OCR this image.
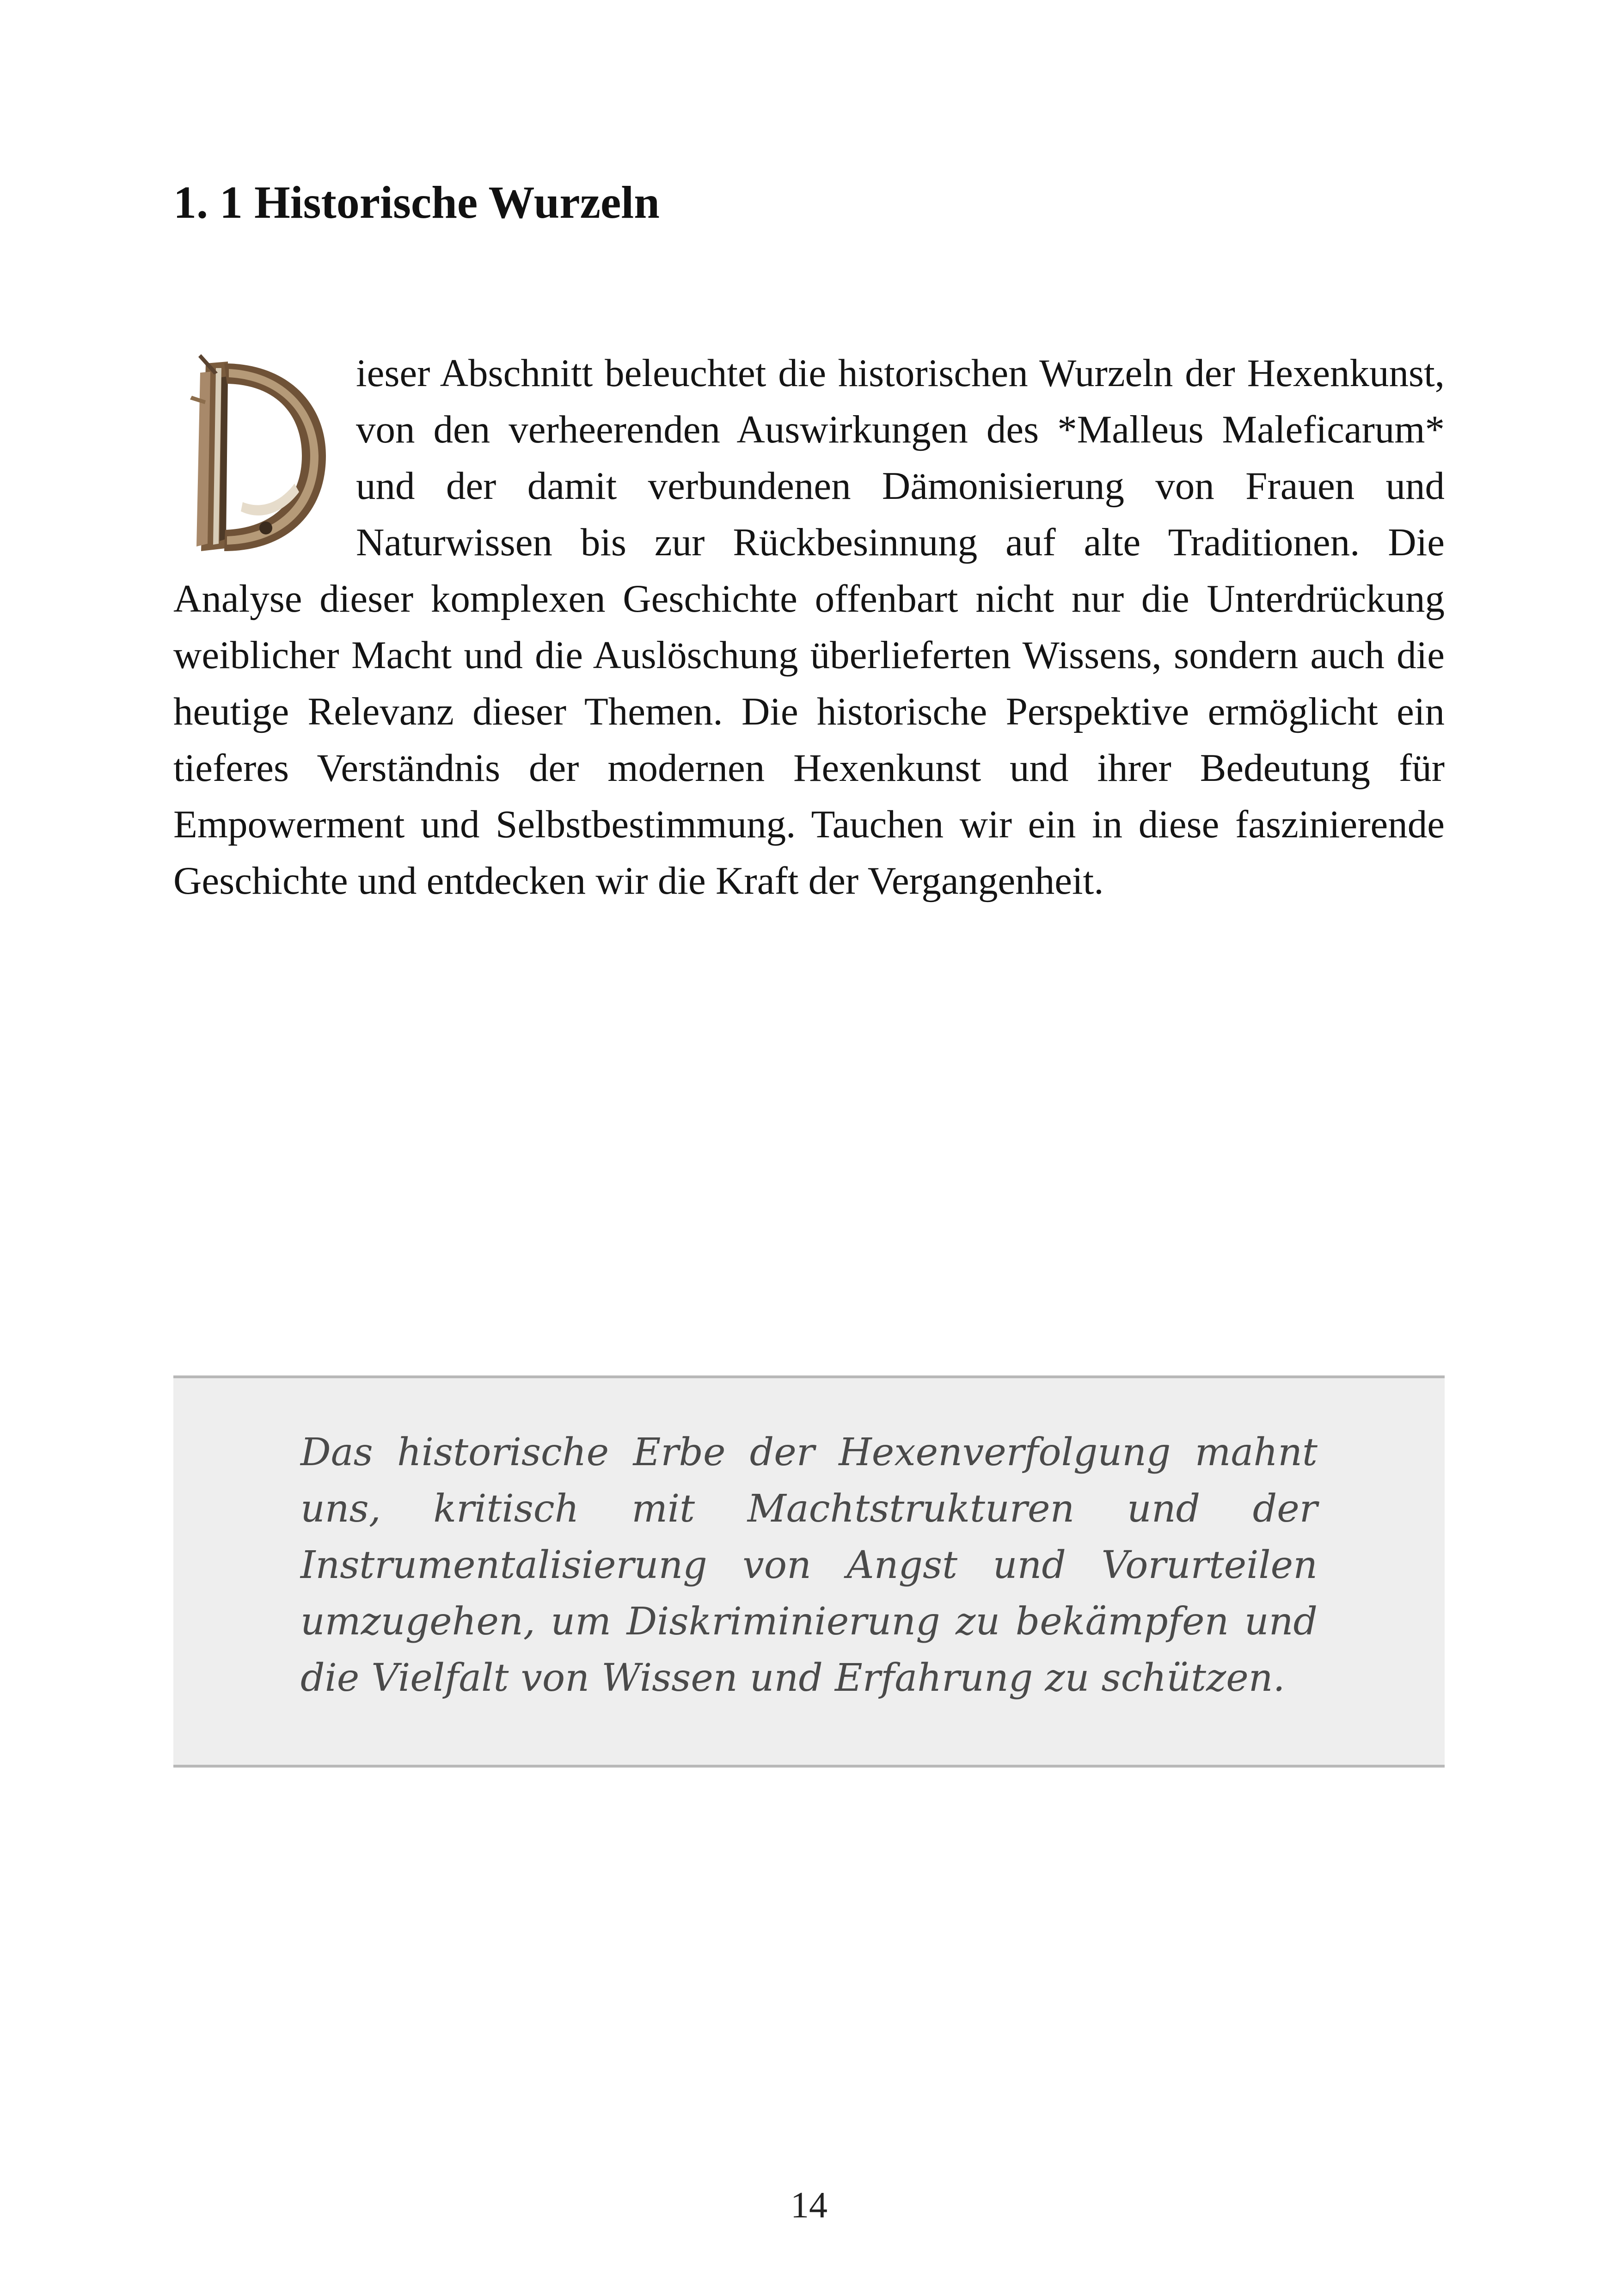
1. 1 Historische Wurzeln

ieser Abschnitt beleuchtet die historischen Wurzeln der Hexenkunst, von den verheerenden Auswirkungen des *Malleus Maleficarum* und der damit verbundenen Dämonisierung von Frauen und Naturwissen bis zur Rückbesinnung auf alte Traditionen. Die Analyse dieser komplexen Geschichte offenbart nicht nur die Unterdrückung weiblicher Macht und die Auslöschung überlieferten Wissens, sondern auch die heutige Relevanz dieser Themen. Die historische Perspektive ermöglicht ein tieferes Verständnis der modernen Hexenkunst und ihrer Bedeutung für Empowerment und Selbstbestimmung. Tauchen wir ein in diese faszinierende Geschichte und entdecken wir die Kraft der Vergangenheit.

Das historische Erbe der Hexenverfolgung mahnt uns, kritisch mit Machtstrukturen und der Instrumentalisierung von Angst und Vorurteilen umzugehen, um Diskriminierung zu bekämpfen und die Vielfalt von Wissen und Erfahrung zu schützen.

14
